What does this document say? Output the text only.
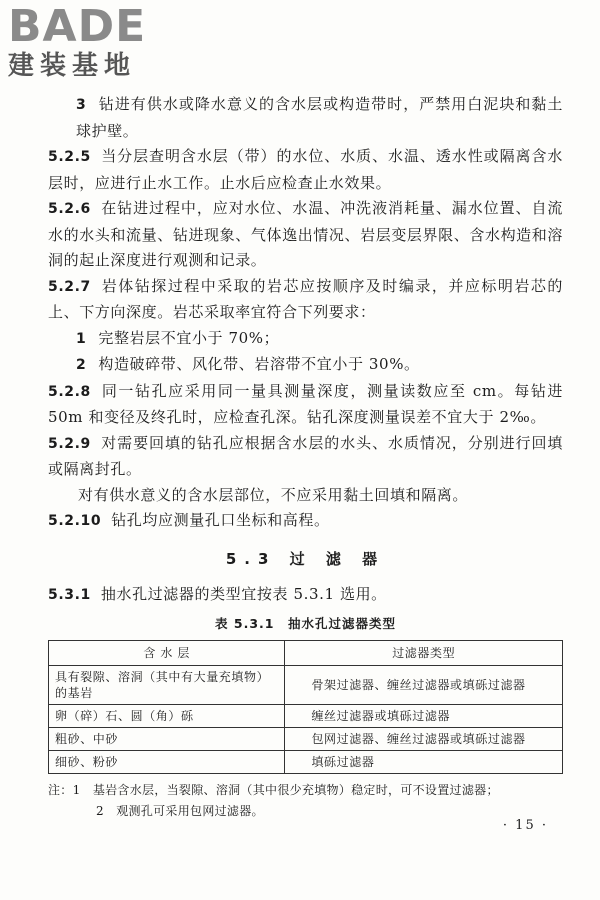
BADE
建装基地

3 钻进有供水或降水意义的含水层或构造带时，严禁用白泥块和黏土球护壁。

5.2.5 当分层查明含水层（带）的水位、水质、水温、透水性或隔离含水层时，应进行止水工作。止水后应检查止水效果。

5.2.6 在钻进过程中，应对水位、水温、冲洗液消耗量、漏水位置、自流水的水头和流量、钻进现象、气体逸出情况、岩层变层界限、含水构造和溶洞的起止深度进行观测和记录。

5.2.7 岩体钻探过程中采取的岩芯应按顺序及时编录，并应标明岩芯的上、下方向深度。岩芯采取率宜符合下列要求：

1 完整岩层不宜小于 70%；

2 构造破碎带、风化带、岩溶带不宜小于 30%。

5.2.8 同一钻孔应采用同一量具测量深度，测量读数应至 cm。每钻进 50m 和变径及终孔时，应检查孔深。钻孔深度测量误差不宜大于 2‰。

5.2.9 对需要回填的钻孔应根据含水层的水头、水质情况，分别进行回填或隔离封孔。

对有供水意义的含水层部位，不应采用黏土回填和隔离。

5.2.10 钻孔均应测量孔口坐标和高程。

5.3 过 滤 器

5.3.1 抽水孔过滤器的类型宜按表 5.3.1 选用。

表 5.3.1　抽水孔过滤器类型
含 水 层	过滤器类型
具有裂隙、溶洞（其中有大量充填物）的基岩	骨架过滤器、缠丝过滤器或填砾过滤器
卵（碎）石、圆（角）砾	缠丝过滤器或填砾过滤器
粗砂、中砂	包网过滤器、缠丝过滤器或填砾过滤器
细砂、粉砂	填砾过滤器
注：1　基岩含水层，当裂隙、溶洞（其中很少充填物）稳定时，可不设置过滤器；
2　观测孔可采用包网过滤器。
· 15 ·
